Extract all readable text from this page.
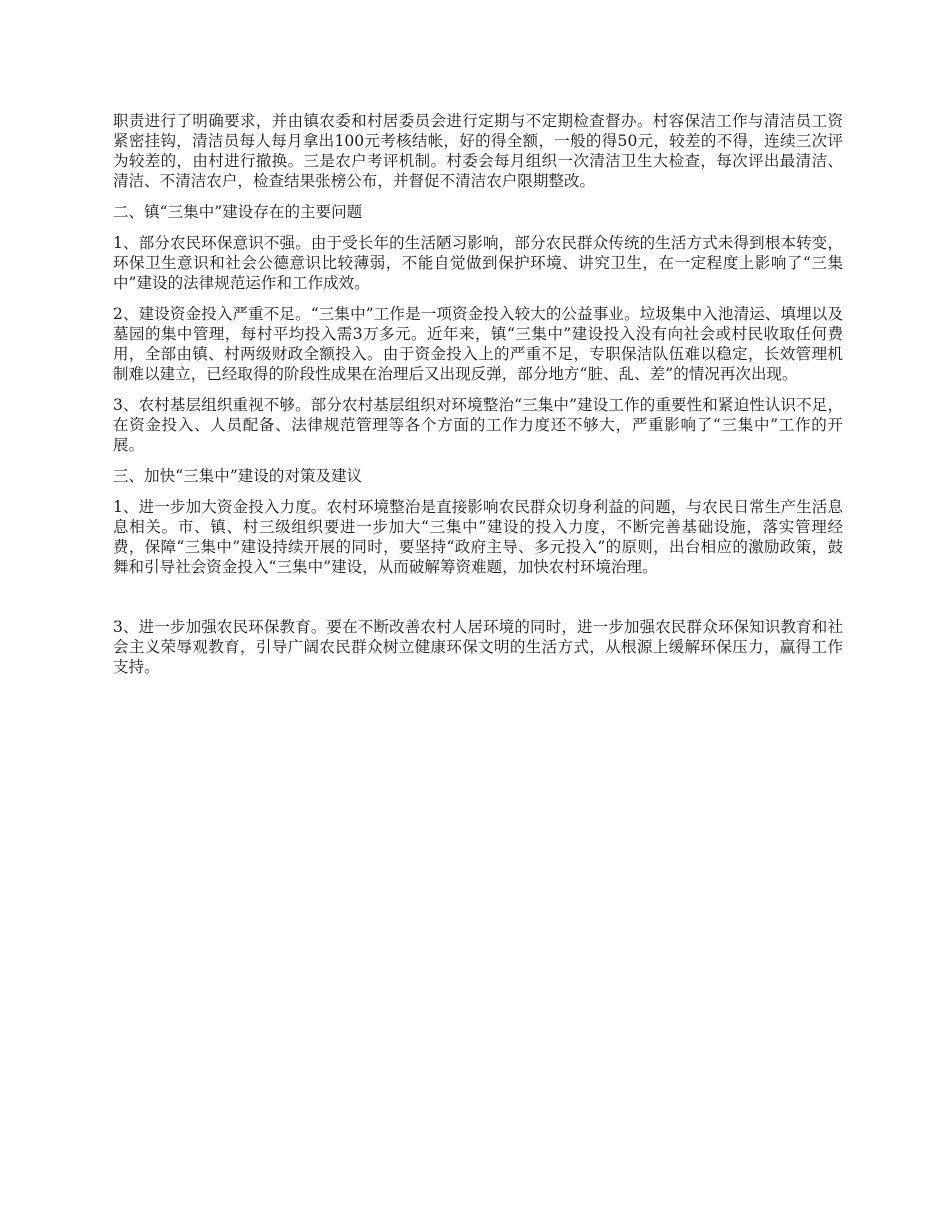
职责进行了明确要求，并由镇农委和村居委员会进行定期与不定期检查督办。村容保洁工作与清洁员工资紧密挂钩，清洁员每人每月拿出100元考核结帐，好的得全额，一般的得50元，较差的不得，连续三次评为较差的，由村进行撤换。三是农户考评机制。村委会每月组织一次清洁卫生大检查，每次评出最清洁、清洁、不清洁农户，检查结果张榜公布，并督促不清洁农户限期整改。

二、镇“三集中”建设存在的主要问题

1、部分农民环保意识不强。由于受长年的生活陋习影响，部分农民群众传统的生活方式未得到根本转变，环保卫生意识和社会公德意识比较薄弱，不能自觉做到保护环境、讲究卫生，在一定程度上影响了“三集中”建设的法律规范运作和工作成效。

2、建设资金投入严重不足。“三集中”工作是一项资金投入较大的公益事业。垃圾集中入池清运、填埋以及墓园的集中管理，每村平均投入需3万多元。近年来，镇“三集中”建设投入没有向社会或村民收取任何费用，全部由镇、村两级财政全额投入。由于资金投入上的严重不足，专职保洁队伍难以稳定，长效管理机制难以建立，已经取得的阶段性成果在治理后又出现反弹，部分地方“脏、乱、差”的情况再次出现。

3、农村基层组织重视不够。部分农村基层组织对环境整治“三集中”建设工作的重要性和紧迫性认识不足，在资金投入、人员配备、法律规范管理等各个方面的工作力度还不够大，严重影响了“三集中”工作的开展。

三、加快“三集中”建设的对策及建议

1、进一步加大资金投入力度。农村环境整治是直接影响农民群众切身利益的问题，与农民日常生产生活息息相关。市、镇、村三级组织要进一步加大“三集中”建设的投入力度，不断完善基础设施，落实管理经费，保障“三集中”建设持续开展的同时，要坚持“政府主导、多元投入”的原则，出台相应的激励政策，鼓舞和引导社会资金投入“三集中”建设，从而破解筹资难题，加快农村环境治理。

3、进一步加强农民环保教育。要在不断改善农村人居环境的同时，进一步加强农民群众环保知识教育和社会主义荣辱观教育，引导广阔农民群众树立健康环保文明的生活方式，从根源上缓解环保压力，赢得工作支持。
